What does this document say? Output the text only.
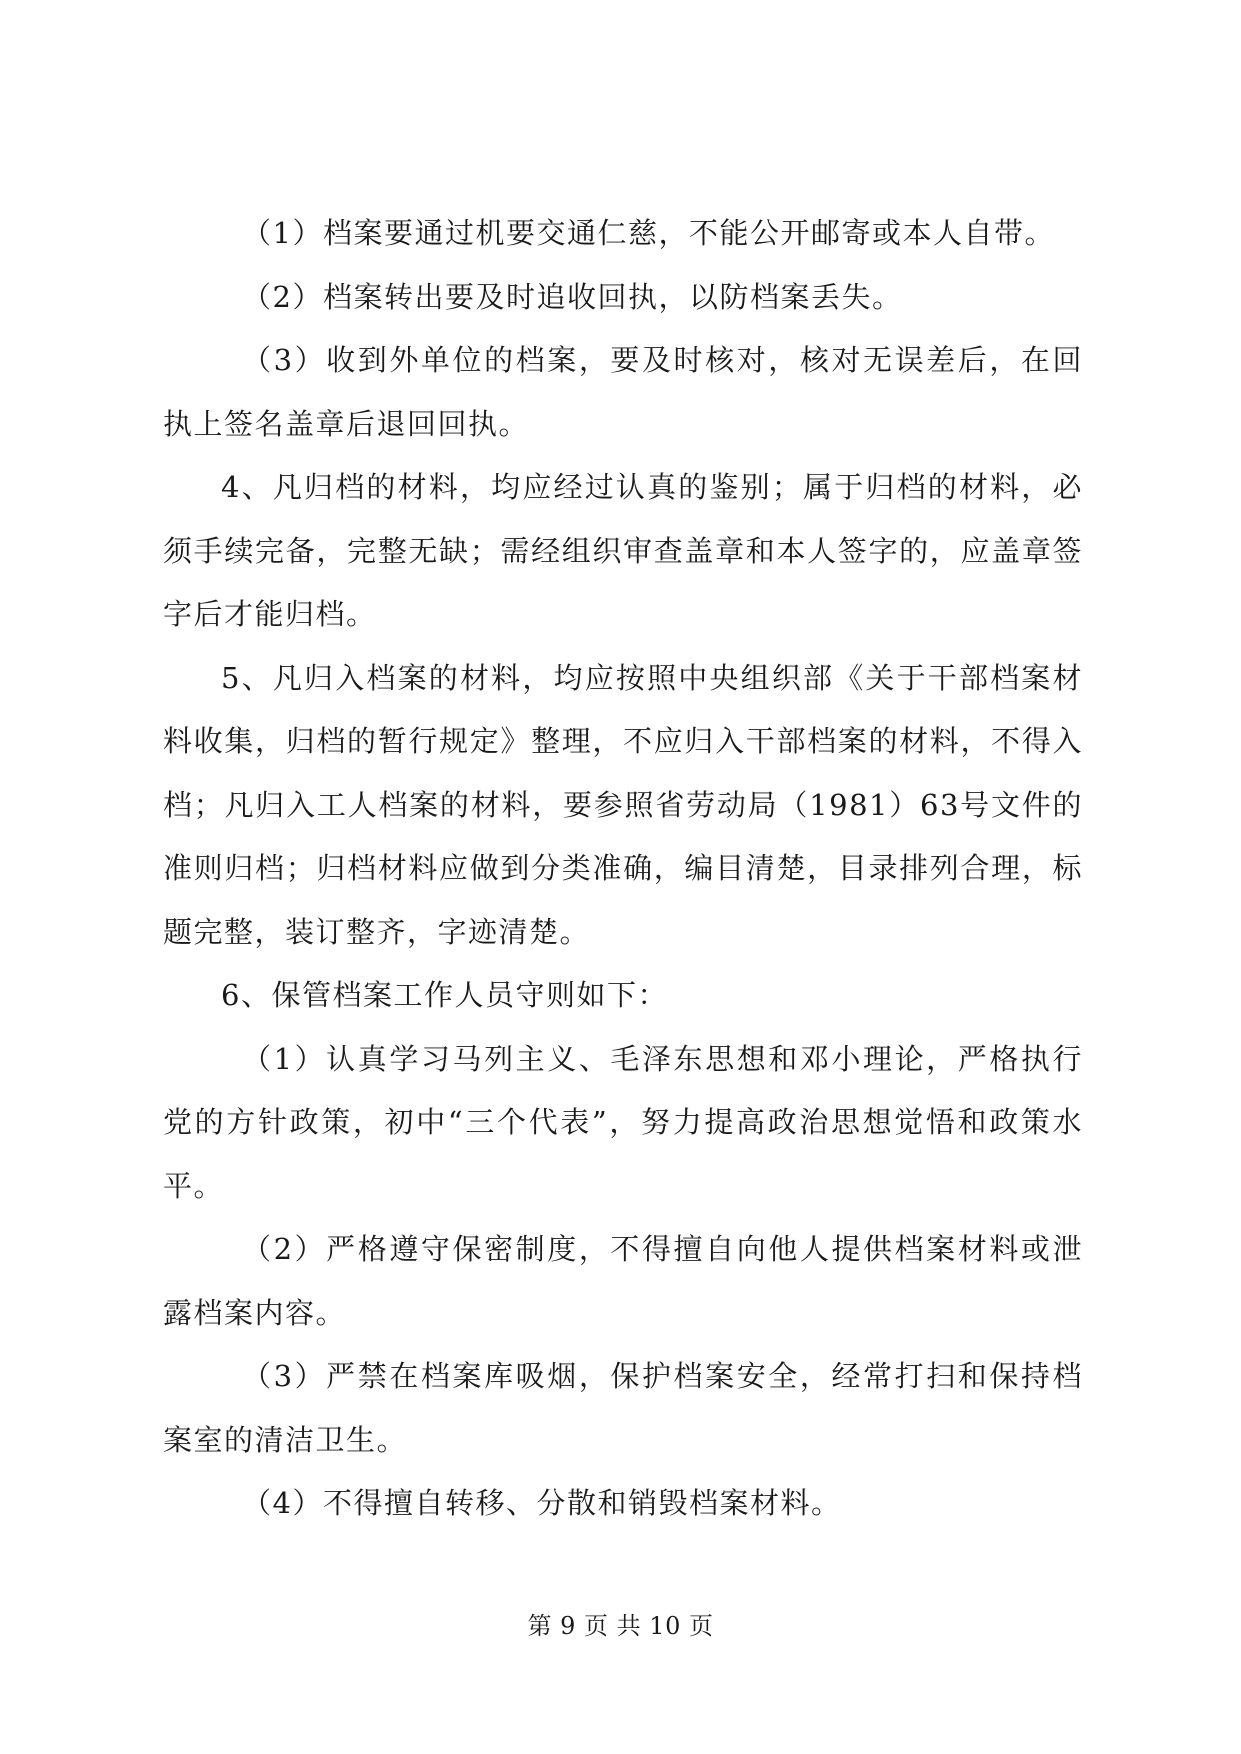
（1）档案要通过机要交通仁慈，不能公开邮寄或本人自带。

（2）档案转出要及时追收回执，以防档案丢失。

（3）收到外单位的档案，要及时核对，核对无误差后，在回执上签名盖章后退回回执。

4、凡归档的材料，均应经过认真的鉴别；属于归档的材料，必须手续完备，完整无缺；需经组织审查盖章和本人签字的，应盖章签字后才能归档。

5、凡归入档案的材料，均应按照中央组织部《关于干部档案材料收集，归档的暂行规定》整理，不应归入干部档案的材料，不得入档；凡归入工人档案的材料，要参照省劳动局（1981）63号文件的准则归档；归档材料应做到分类准确，编目清楚，目录排列合理，标题完整，装订整齐，字迹清楚。

6、保管档案工作人员守则如下：

（1）认真学习马列主义、毛泽东思想和邓小理论，严格执行党的方针政策，初中“三个代表”，努力提高政治思想觉悟和政策水平。

（2）严格遵守保密制度，不得擅自向他人提供档案材料或泄露档案内容。

（3）严禁在档案库吸烟，保护档案安全，经常打扫和保持档案室的清洁卫生。

（4）不得擅自转移、分散和销毁档案材料。

第 9 页 共 10 页
